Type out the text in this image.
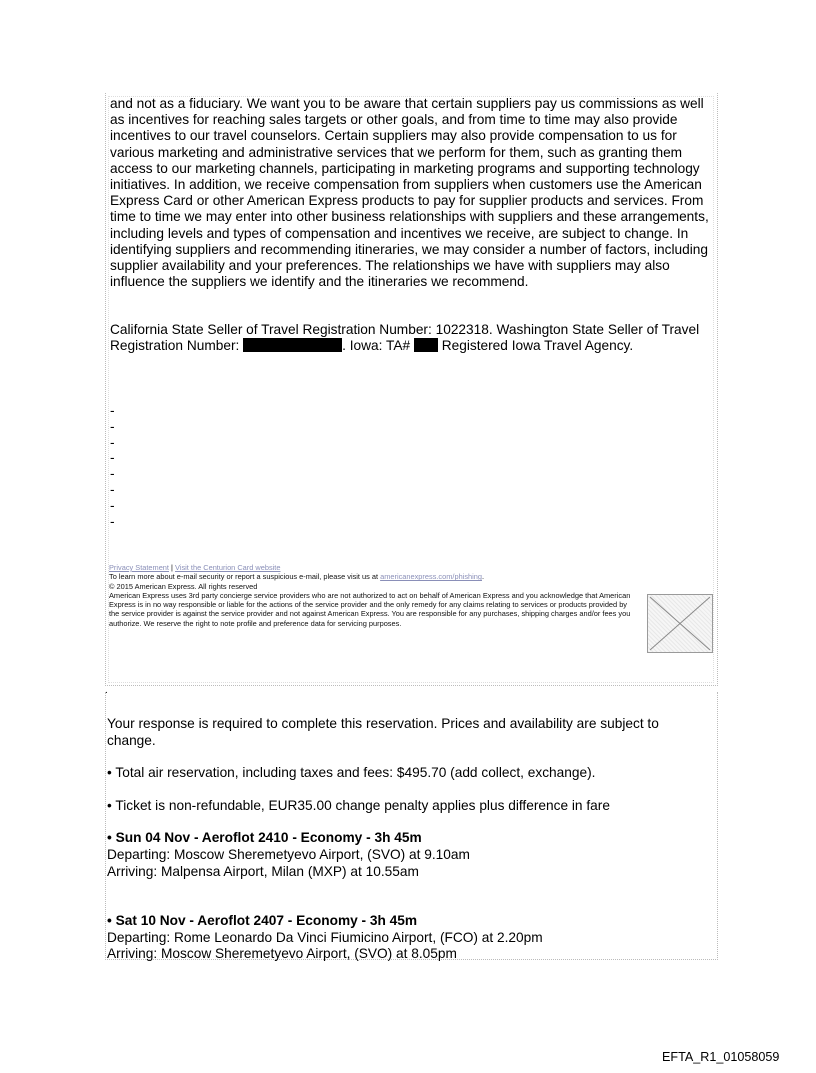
and not as a fiduciary. We want you to be aware that certain suppliers pay us commissions as well as incentives for reaching sales targets or other goals, and from time to time may also provide incentives to our travel counselors. Certain suppliers may also provide compensation to us for various marketing and administrative services that we perform for them, such as granting them access to our marketing channels, participating in marketing programs and supporting technology initiatives. In addition, we receive compensation from suppliers when customers use the American Express Card or other American Express products to pay for supplier products and services. From time to time we may enter into other business relationships with suppliers and these arrangements, including levels and types of compensation and incentives we receive, are subject to change. In identifying suppliers and recommending itineraries, we may consider a number of factors, including supplier availability and your preferences. The relationships we have with suppliers may also influence the suppliers we identify and the itineraries we recommend.

California State Seller of Travel Registration Number: 1022318. Washington State Seller of Travel Registration Number:	. Iowa: TA#  Registered Iowa Travel Agency.

-
-
-
-
-
-
-
-
Privacy Statement | Visit the Centurion Card website
To learn more about e-mail security or report a suspicious e-mail, please visit us at americanexpress.com/phishing.
© 2015 American Express. All rights reserved
American Express uses 3rd party concierge service providers who are not authorized to act on behalf of American Express and you acknowledge that American Express is in no way responsible or liable for the actions of the service provider and the only remedy for any claims relating to services or products provided by the service provider is against the service provider and not against American Express. You are responsible for any purchases, shipping charges and/or fees you authorize. We reserve the right to note profile and preference data for servicing purposes.
.

Your response is required to complete this reservation. Prices and availability are subject to change.

• Total air reservation, including taxes and fees: $495.70 (add collect, exchange).

• Ticket is non-refundable, EUR35.00 change penalty applies plus difference in fare

• Sun 04 Nov - Aeroflot 2410 - Economy - 3h 45m

Departing: Moscow Sheremetyevo Airport, (SVO) at 9.10am

Arriving: Malpensa Airport, Milan (MXP) at 10.55am

• Sat 10 Nov - Aeroflot 2407 - Economy - 3h 45m

Departing: Rome Leonardo Da Vinci Fiumicino Airport, (FCO) at 2.20pm

Arriving: Moscow Sheremetyevo Airport, (SVO) at 8.05pm

EFTA_R1_01058059
